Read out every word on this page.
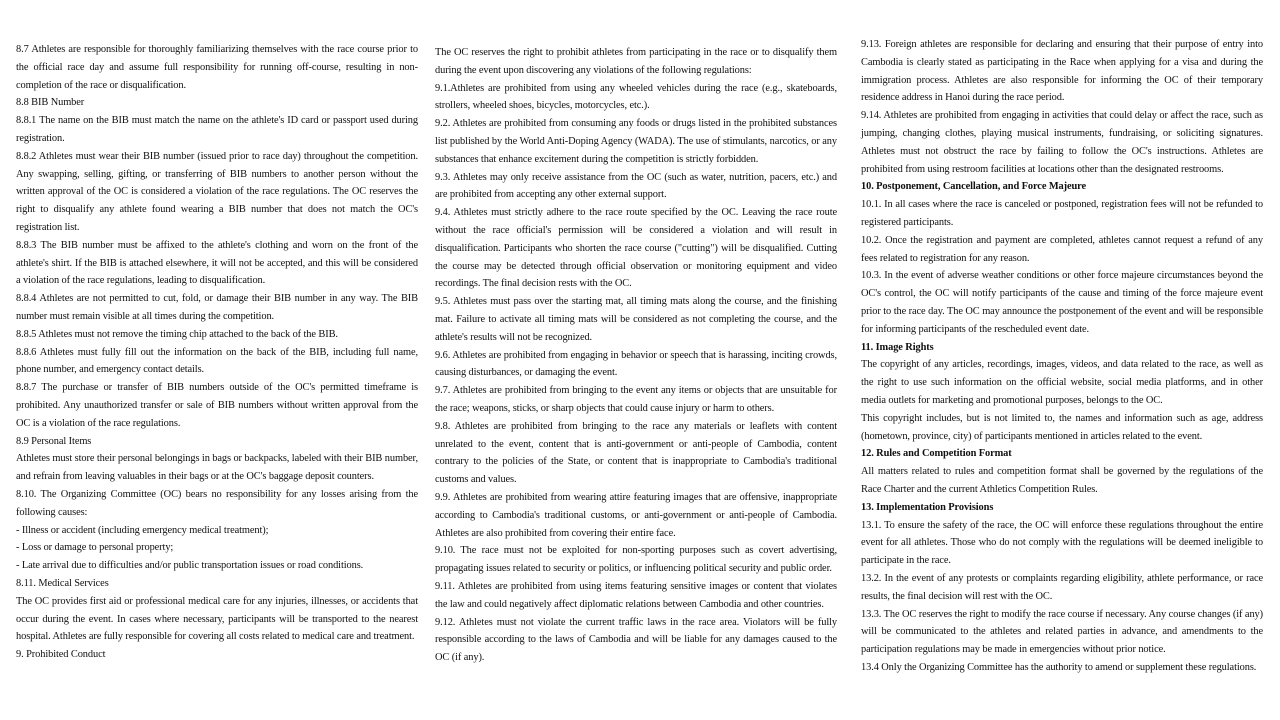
8.7 Athletes are responsible for thoroughly familiarizing themselves with the race course prior to the official race day and assume full responsibility for running off-course, resulting in non-completion of the race or disqualification.

8.8 BIB Number

8.8.1 The name on the BIB must match the name on the athlete's ID card or passport used during registration.

8.8.2 Athletes must wear their BIB number (issued prior to race day) throughout the competition. Any swapping, selling, gifting, or transferring of BIB numbers to another person without the written approval of the OC is considered a violation of the race regulations. The OC reserves the right to disqualify any athlete found wearing a BIB number that does not match the OC's registration list.

8.8.3 The BIB number must be affixed to the athlete's clothing and worn on the front of the athlete's shirt. If the BIB is attached elsewhere, it will not be accepted, and this will be considered a violation of the race regulations, leading to disqualification.

8.8.4 Athletes are not permitted to cut, fold, or damage their BIB number in any way. The BIB number must remain visible at all times during the competition.

8.8.5 Athletes must not remove the timing chip attached to the back of the BIB.

8.8.6 Athletes must fully fill out the information on the back of the BIB, including full name, phone number, and emergency contact details.

8.8.7 The purchase or transfer of BIB numbers outside of the OC's permitted timeframe is prohibited. Any unauthorized transfer or sale of BIB numbers without written approval from the OC is a violation of the race regulations.

8.9 Personal Items

Athletes must store their personal belongings in bags or backpacks, labeled with their BIB number, and refrain from leaving valuables in their bags or at the OC's baggage deposit counters.

8.10. The Organizing Committee (OC) bears no responsibility for any losses arising from the following causes:

- Illness or accident (including emergency medical treatment);

- Loss or damage to personal property;

- Late arrival due to difficulties and/or public transportation issues or road conditions.

8.11. Medical Services

The OC provides first aid or professional medical care for any injuries, illnesses, or accidents that occur during the event. In cases where necessary, participants will be transported to the nearest hospital. Athletes are fully responsible for covering all costs related to medical care and treatment.

9. Prohibited Conduct

The OC reserves the right to prohibit athletes from participating in the race or to disqualify them during the event upon discovering any violations of the following regulations:

9.1.Athletes are prohibited from using any wheeled vehicles during the race (e.g., skateboards, strollers, wheeled shoes, bicycles, motorcycles, etc.).

9.2. Athletes are prohibited from consuming any foods or drugs listed in the prohibited substances list published by the World Anti-Doping Agency (WADA). The use of stimulants, narcotics, or any substances that enhance excitement during the competition is strictly forbidden.

9.3. Athletes may only receive assistance from the OC (such as water, nutrition, pacers, etc.) and are prohibited from accepting any other external support.

9.4. Athletes must strictly adhere to the race route specified by the OC. Leaving the race route without the race official's permission will be considered a violation and will result in disqualification. Participants who shorten the race course ("cutting") will be disqualified. Cutting the course may be detected through official observation or monitoring equipment and video recordings. The final decision rests with the OC.

9.5. Athletes must pass over the starting mat, all timing mats along the course, and the finishing mat. Failure to activate all timing mats will be considered as not completing the course, and the athlete's results will not be recognized.

9.6. Athletes are prohibited from engaging in behavior or speech that is harassing, inciting crowds, causing disturbances, or damaging the event.

9.7. Athletes are prohibited from bringing to the event any items or objects that are unsuitable for the race; weapons, sticks, or sharp objects that could cause injury or harm to others.

9.8. Athletes are prohibited from bringing to the race any materials or leaflets with content unrelated to the event, content that is anti-government or anti-people of Cambodia, content contrary to the policies of the State, or content that is inappropriate to Cambodia's traditional customs and values.

9.9. Athletes are prohibited from wearing attire featuring images that are offensive, inappropriate according to Cambodia's traditional customs, or anti-government or anti-people of Cambodia. Athletes are also prohibited from covering their entire face.

9.10. The race must not be exploited for non-sporting purposes such as covert advertising, propagating issues related to security or politics, or influencing political security and public order.

9.11. Athletes are prohibited from using items featuring sensitive images or content that violates the law and could negatively affect diplomatic relations between Cambodia and other countries.

9.12. Athletes must not violate the current traffic laws in the race area. Violators will be fully responsible according to the laws of Cambodia and will be liable for any damages caused to the OC (if any).

9.13. Foreign athletes are responsible for declaring and ensuring that their purpose of entry into Cambodia is clearly stated as participating in the Race when applying for a visa and during the immigration process. Athletes are also responsible for informing the OC of their temporary residence address in Hanoi during the race period.

9.14. Athletes are prohibited from engaging in activities that could delay or affect the race, such as jumping, changing clothes, playing musical instruments, fundraising, or soliciting signatures. Athletes must not obstruct the race by failing to follow the OC's instructions. Athletes are prohibited from using restroom facilities at locations other than the designated restrooms.

10. Postponement, Cancellation, and Force Majeure

10.1. In all cases where the race is canceled or postponed, registration fees will not be refunded to registered participants.

10.2. Once the registration and payment are completed, athletes cannot request a refund of any fees related to registration for any reason.

10.3. In the event of adverse weather conditions or other force majeure circumstances beyond the OC's control, the OC will notify participants of the cause and timing of the force majeure event prior to the race day. The OC may announce the postponement of the event and will be responsible for informing participants of the rescheduled event date.

11. Image Rights

The copyright of any articles, recordings, images, videos, and data related to the race, as well as the right to use such information on the official website, social media platforms, and in other media outlets for marketing and promotional purposes, belongs to the OC.

This copyright includes, but is not limited to, the names and information such as age, address (hometown, province, city) of participants mentioned in articles related to the event.

12. Rules and Competition Format

All matters related to rules and competition format shall be governed by the regulations of the Race Charter and the current Athletics Competition Rules.

13. Implementation Provisions

13.1. To ensure the safety of the race, the OC will enforce these regulations throughout the entire event for all athletes. Those who do not comply with the regulations will be deemed ineligible to participate in the race.

13.2. In the event of any protests or complaints regarding eligibility, athlete performance, or race results, the final decision will rest with the OC.

13.3. The OC reserves the right to modify the race course if necessary. Any course changes (if any) will be communicated to the athletes and related parties in advance, and amendments to the participation regulations may be made in emergencies without prior notice.

13.4 Only the Organizing Committee has the authority to amend or supplement these regulations.
